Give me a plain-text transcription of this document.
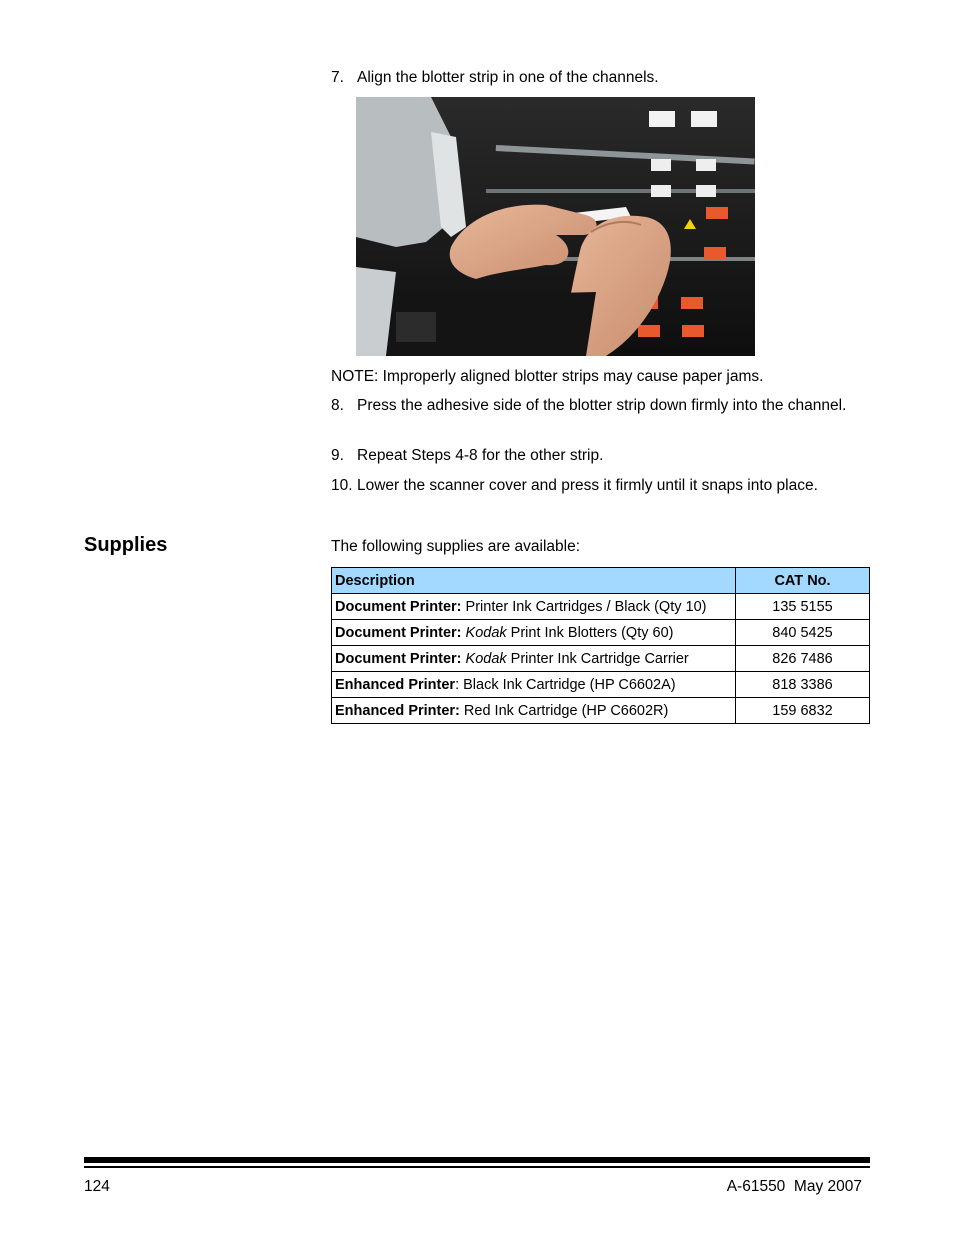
7. Align the blotter strip in one of the channels.
NOTE: Improperly aligned blotter strips may cause paper jams.
8. Press the adhesive side of the blotter strip down firmly into the channel.
9. Repeat Steps 4-8 for the other strip.
10. Lower the scanner cover and press it firmly until it snaps into place.
Supplies	The following supplies are available:
Description	CAT No.
Document Printer: Printer Ink Cartridges / Black (Qty 10)	135 5155
Document Printer: Kodak Print Ink Blotters (Qty 60)	840 5425
Document Printer: Kodak Printer Ink Cartridge Carrier	826 7486
Enhanced Printer: Black Ink Cartridge (HP C6602A)	818 3386
Enhanced Printer: Red Ink Cartridge (HP C6602R)	159 6832
124	A-61550  May 2007
